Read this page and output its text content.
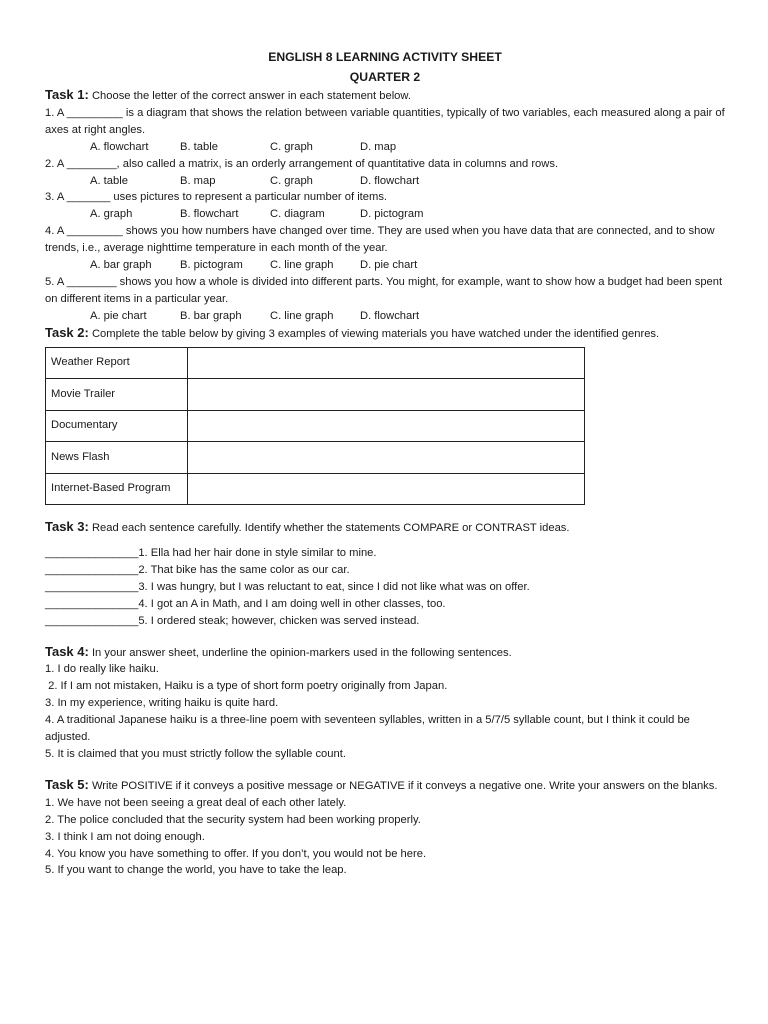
ENGLISH 8 LEARNING ACTIVITY SHEET
QUARTER 2
Task 1: Choose the letter of the correct answer in each statement below.
1. A _________ is a diagram that shows the relation between variable quantities, typically of two variables, each measured along a pair of axes at right angles.
A. flowchart	B. table	C. graph	D. map
2. A ________, also called a matrix, is an orderly arrangement of quantitative data in columns and rows.
A. table	B. map	C. graph	D. flowchart
3. A _______ uses pictures to represent a particular number of items.
A. graph	B. flowchart	C. diagram	D. pictogram
4. A _________ shows you how numbers have changed over time. They are used when you have data that are connected, and to show trends, i.e., average nighttime temperature in each month of the year.
A. bar graph	B. pictogram	C. line graph	D. pie chart
5. A ________ shows you how a whole is divided into different parts. You might, for example, want to show how a budget had been spent on different items in a particular year.
A. pie chart	B. bar graph	C. line graph	D. flowchart
Task 2: Complete the table below by giving 3 examples of viewing materials you have watched under the identified genres.
Weather Report	
Movie Trailer	
Documentary	
News Flash	
Internet-Based Program	
Task 3: Read each sentence carefully. Identify whether the statements COMPARE or CONTRAST ideas.
_______________1. Ella had her hair done in style similar to mine.
_______________2. That bike has the same color as our car.
_______________3. I was hungry, but I was reluctant to eat, since I did not like what was on offer.
_______________4. I got an A in Math, and I am doing well in other classes, too.
_______________5. I ordered steak; however, chicken was served instead.
Task 4: In your answer sheet, underline the opinion-markers used in the following sentences.
1. I do really like haiku.
2. If I am not mistaken, Haiku is a type of short form poetry originally from Japan.
3. In my experience, writing haiku is quite hard.
4. A traditional Japanese haiku is a three-line poem with seventeen syllables, written in a 5/7/5 syllable count, but I think it could be adjusted.
5. It is claimed that you must strictly follow the syllable count.
Task 5: Write POSITIVE if it conveys a positive message or NEGATIVE if it conveys a negative one. Write your answers on the blanks.
1. We have not been seeing a great deal of each other lately.
2. The police concluded that the security system had been working properly.
3. I think I am not doing enough.
4. You know you have something to offer. If you don’t, you would not be here.
5. If you want to change the world, you have to take the leap.
